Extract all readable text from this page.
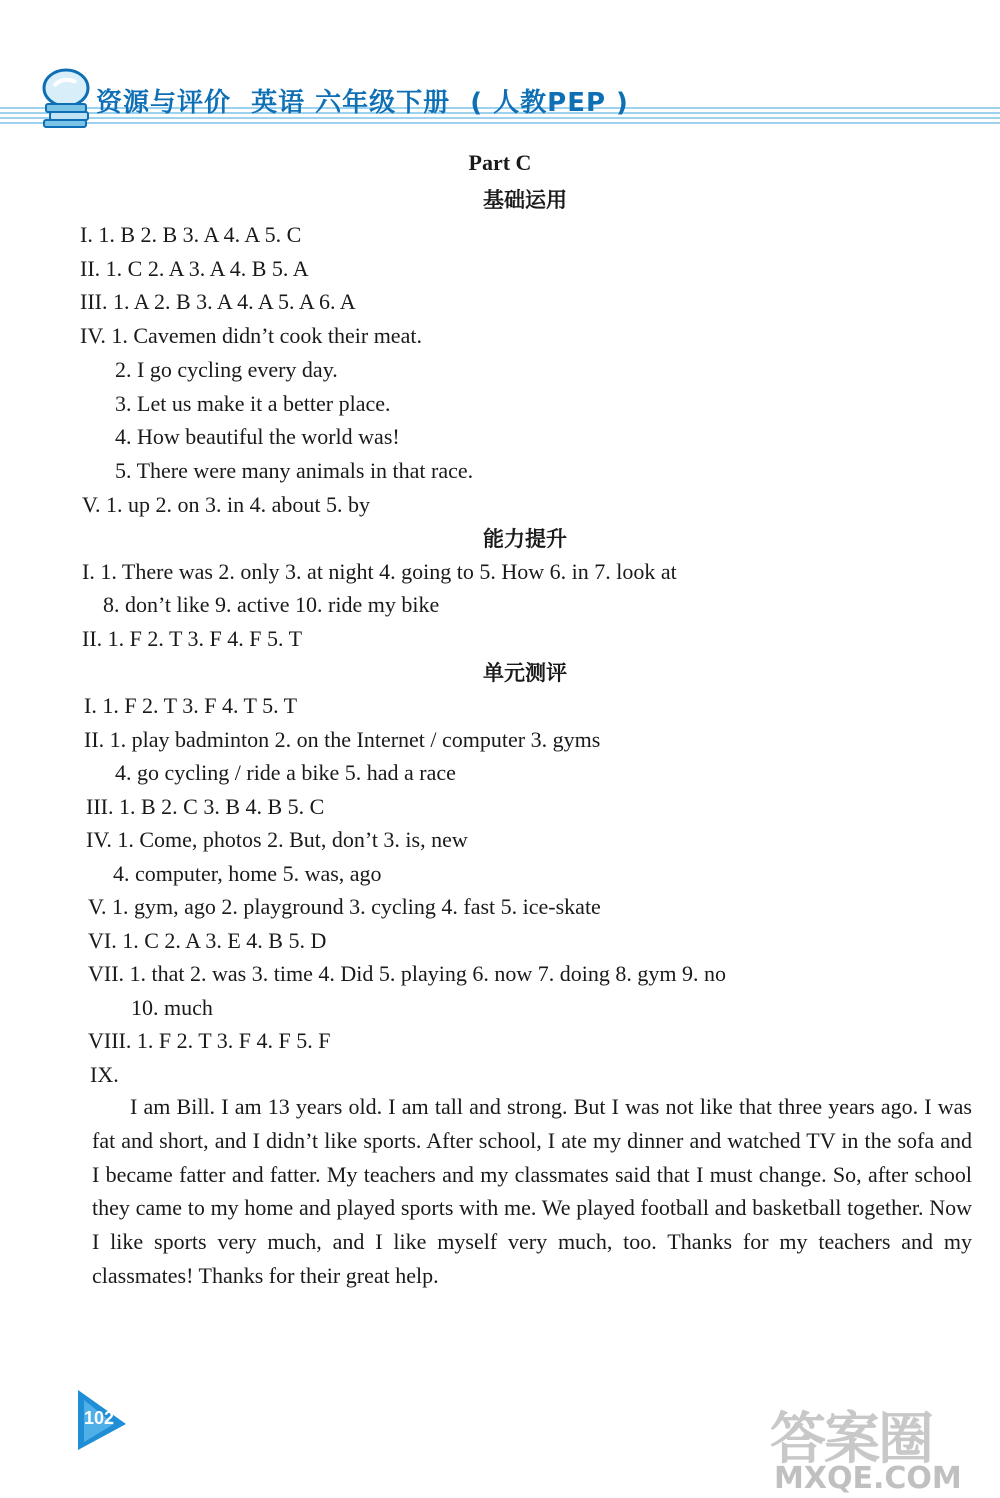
资源与评价 英语 六年级下册 ( 人教PEP )
Part C
基础运用
I. 1. B 2. B 3. A 4. A 5. C
II. 1. C 2. A 3. A 4. B 5. A
III. 1. A 2. B 3. A 4. A 5. A 6. A
IV. 1. Cavemen didn’t cook their meat.
2. I go cycling every day.
3. Let us make it a better place.
4. How beautiful the world was!
5. There were many animals in that race.
V. 1. up 2. on 3. in 4. about 5. by
能力提升
I. 1. There was 2. only 3. at night 4. going to 5. How 6. in 7. look at
8. don’t like 9. active 10. ride my bike
II. 1. F 2. T 3. F 4. F 5. T
单元测评
I. 1. F 2. T 3. F 4. T 5. T
II. 1. play badminton 2. on the Internet / computer 3. gyms
4. go cycling / ride a bike 5. had a race
III. 1. B 2. C 3. B 4. B 5. C
IV. 1. Come, photos 2. But, don’t 3. is, new
4. computer, home 5. was, ago
V. 1. gym, ago 2. playground 3. cycling 4. fast 5. ice-skate
VI. 1. C 2. A 3. E 4. B 5. D
VII. 1. that 2. was 3. time 4. Did 5. playing 6. now 7. doing 8. gym 9. no
10. much
VIII. 1. F 2. T 3. F 4. F 5. F
IX.
I am Bill. I am 13 years old. I am tall and strong. But I was not like that three years ago. I was fat and short, and I didn’t like sports. After school, I ate my dinner and watched TV in the sofa and I became fatter and fatter. My teachers and my classmates said that I must change. So, after school they came to my home and played sports with me. We played football and basketball together. Now I like sports very much, and I like myself very much, too. Thanks for my teachers and my classmates! Thanks for their great help.
102	答案圈
MXQE.COM
